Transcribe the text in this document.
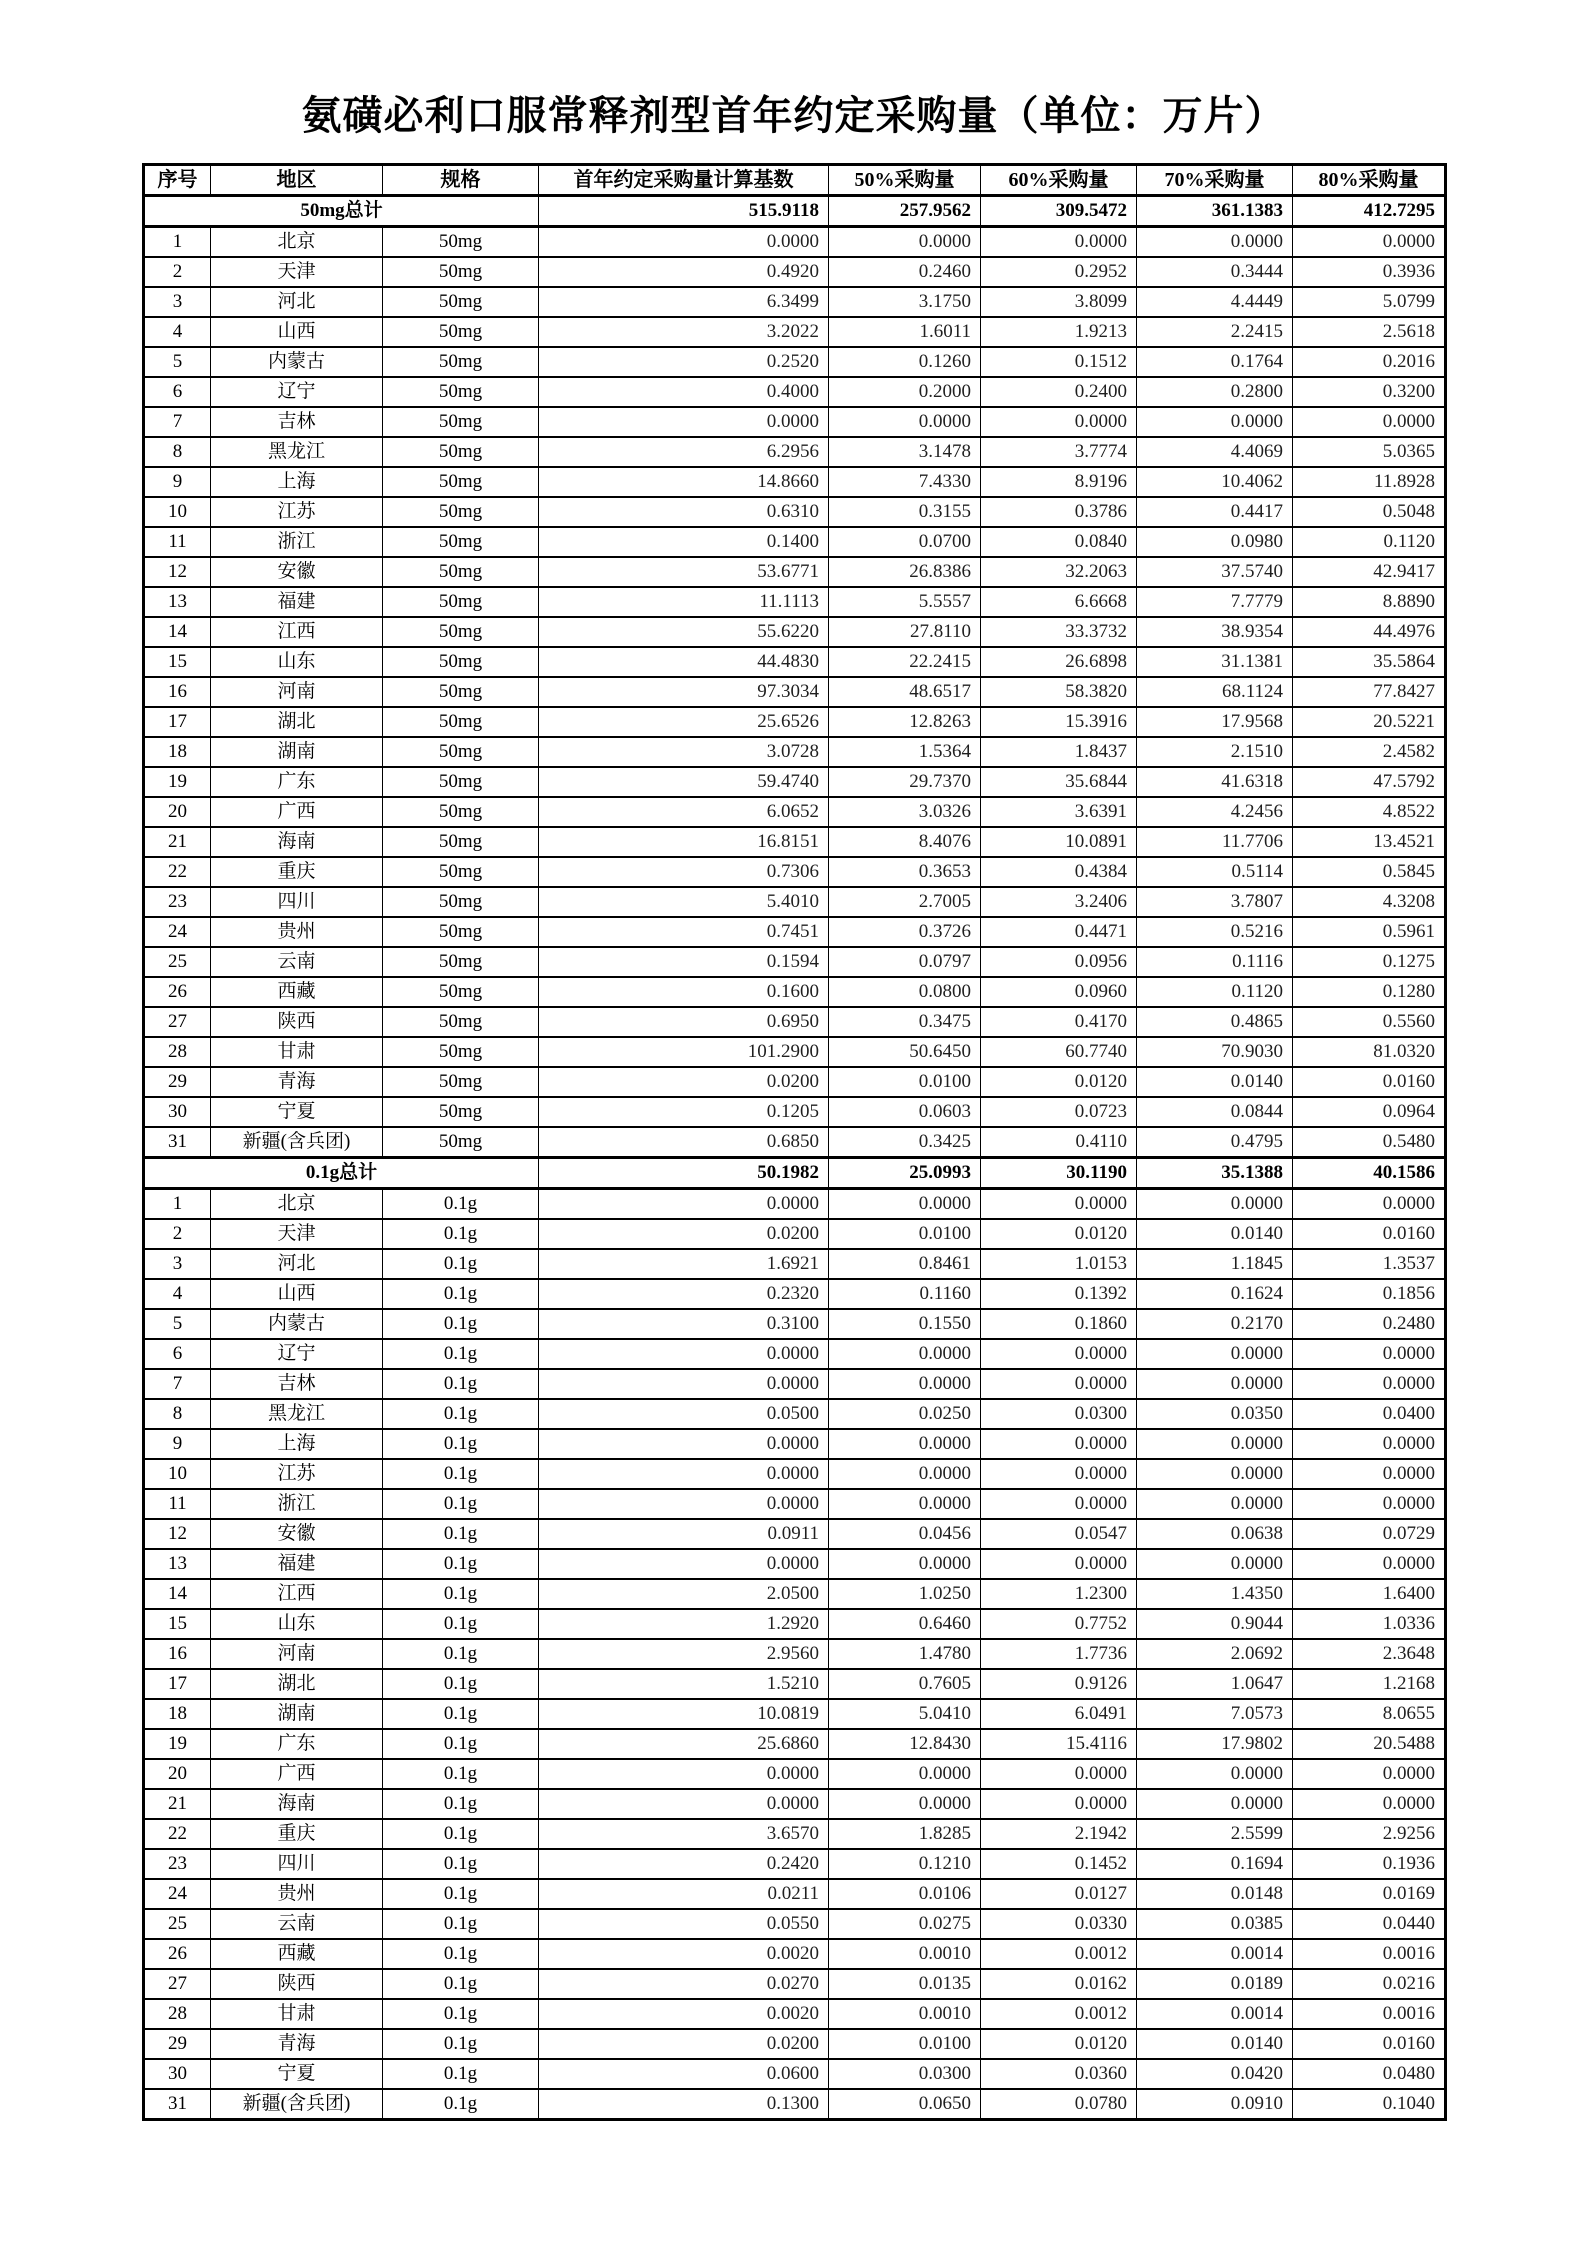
氨磺必利口服常释剂型首年约定采购量（单位：万片）
序号	地区	规格	首年约定采购量计算基数	50%采购量	60%采购量	70%采购量	80%采购量
50mg总计			515.9118	257.9562	309.5472	361.1383	412.7295
1	北京	50mg	0.0000	0.0000	0.0000	0.0000	0.0000
2	天津	50mg	0.4920	0.2460	0.2952	0.3444	0.3936
3	河北	50mg	6.3499	3.1750	3.8099	4.4449	5.0799
4	山西	50mg	3.2022	1.6011	1.9213	2.2415	2.5618
5	内蒙古	50mg	0.2520	0.1260	0.1512	0.1764	0.2016
6	辽宁	50mg	0.4000	0.2000	0.2400	0.2800	0.3200
7	吉林	50mg	0.0000	0.0000	0.0000	0.0000	0.0000
8	黑龙江	50mg	6.2956	3.1478	3.7774	4.4069	5.0365
9	上海	50mg	14.8660	7.4330	8.9196	10.4062	11.8928
10	江苏	50mg	0.6310	0.3155	0.3786	0.4417	0.5048
11	浙江	50mg	0.1400	0.0700	0.0840	0.0980	0.1120
12	安徽	50mg	53.6771	26.8386	32.2063	37.5740	42.9417
13	福建	50mg	11.1113	5.5557	6.6668	7.7779	8.8890
14	江西	50mg	55.6220	27.8110	33.3732	38.9354	44.4976
15	山东	50mg	44.4830	22.2415	26.6898	31.1381	35.5864
16	河南	50mg	97.3034	48.6517	58.3820	68.1124	77.8427
17	湖北	50mg	25.6526	12.8263	15.3916	17.9568	20.5221
18	湖南	50mg	3.0728	1.5364	1.8437	2.1510	2.4582
19	广东	50mg	59.4740	29.7370	35.6844	41.6318	47.5792
20	广西	50mg	6.0652	3.0326	3.6391	4.2456	4.8522
21	海南	50mg	16.8151	8.4076	10.0891	11.7706	13.4521
22	重庆	50mg	0.7306	0.3653	0.4384	0.5114	0.5845
23	四川	50mg	5.4010	2.7005	3.2406	3.7807	4.3208
24	贵州	50mg	0.7451	0.3726	0.4471	0.5216	0.5961
25	云南	50mg	0.1594	0.0797	0.0956	0.1116	0.1275
26	西藏	50mg	0.1600	0.0800	0.0960	0.1120	0.1280
27	陕西	50mg	0.6950	0.3475	0.4170	0.4865	0.5560
28	甘肃	50mg	101.2900	50.6450	60.7740	70.9030	81.0320
29	青海	50mg	0.0200	0.0100	0.0120	0.0140	0.0160
30	宁夏	50mg	0.1205	0.0603	0.0723	0.0844	0.0964
31	新疆(含兵团)	50mg	0.6850	0.3425	0.4110	0.4795	0.5480
0.1g总计			50.1982	25.0993	30.1190	35.1388	40.1586
1	北京	0.1g	0.0000	0.0000	0.0000	0.0000	0.0000
2	天津	0.1g	0.0200	0.0100	0.0120	0.0140	0.0160
3	河北	0.1g	1.6921	0.8461	1.0153	1.1845	1.3537
4	山西	0.1g	0.2320	0.1160	0.1392	0.1624	0.1856
5	内蒙古	0.1g	0.3100	0.1550	0.1860	0.2170	0.2480
6	辽宁	0.1g	0.0000	0.0000	0.0000	0.0000	0.0000
7	吉林	0.1g	0.0000	0.0000	0.0000	0.0000	0.0000
8	黑龙江	0.1g	0.0500	0.0250	0.0300	0.0350	0.0400
9	上海	0.1g	0.0000	0.0000	0.0000	0.0000	0.0000
10	江苏	0.1g	0.0000	0.0000	0.0000	0.0000	0.0000
11	浙江	0.1g	0.0000	0.0000	0.0000	0.0000	0.0000
12	安徽	0.1g	0.0911	0.0456	0.0547	0.0638	0.0729
13	福建	0.1g	0.0000	0.0000	0.0000	0.0000	0.0000
14	江西	0.1g	2.0500	1.0250	1.2300	1.4350	1.6400
15	山东	0.1g	1.2920	0.6460	0.7752	0.9044	1.0336
16	河南	0.1g	2.9560	1.4780	1.7736	2.0692	2.3648
17	湖北	0.1g	1.5210	0.7605	0.9126	1.0647	1.2168
18	湖南	0.1g	10.0819	5.0410	6.0491	7.0573	8.0655
19	广东	0.1g	25.6860	12.8430	15.4116	17.9802	20.5488
20	广西	0.1g	0.0000	0.0000	0.0000	0.0000	0.0000
21	海南	0.1g	0.0000	0.0000	0.0000	0.0000	0.0000
22	重庆	0.1g	3.6570	1.8285	2.1942	2.5599	2.9256
23	四川	0.1g	0.2420	0.1210	0.1452	0.1694	0.1936
24	贵州	0.1g	0.0211	0.0106	0.0127	0.0148	0.0169
25	云南	0.1g	0.0550	0.0275	0.0330	0.0385	0.0440
26	西藏	0.1g	0.0020	0.0010	0.0012	0.0014	0.0016
27	陕西	0.1g	0.0270	0.0135	0.0162	0.0189	0.0216
28	甘肃	0.1g	0.0020	0.0010	0.0012	0.0014	0.0016
29	青海	0.1g	0.0200	0.0100	0.0120	0.0140	0.0160
30	宁夏	0.1g	0.0600	0.0300	0.0360	0.0420	0.0480
31	新疆(含兵团)	0.1g	0.1300	0.0650	0.0780	0.0910	0.1040
